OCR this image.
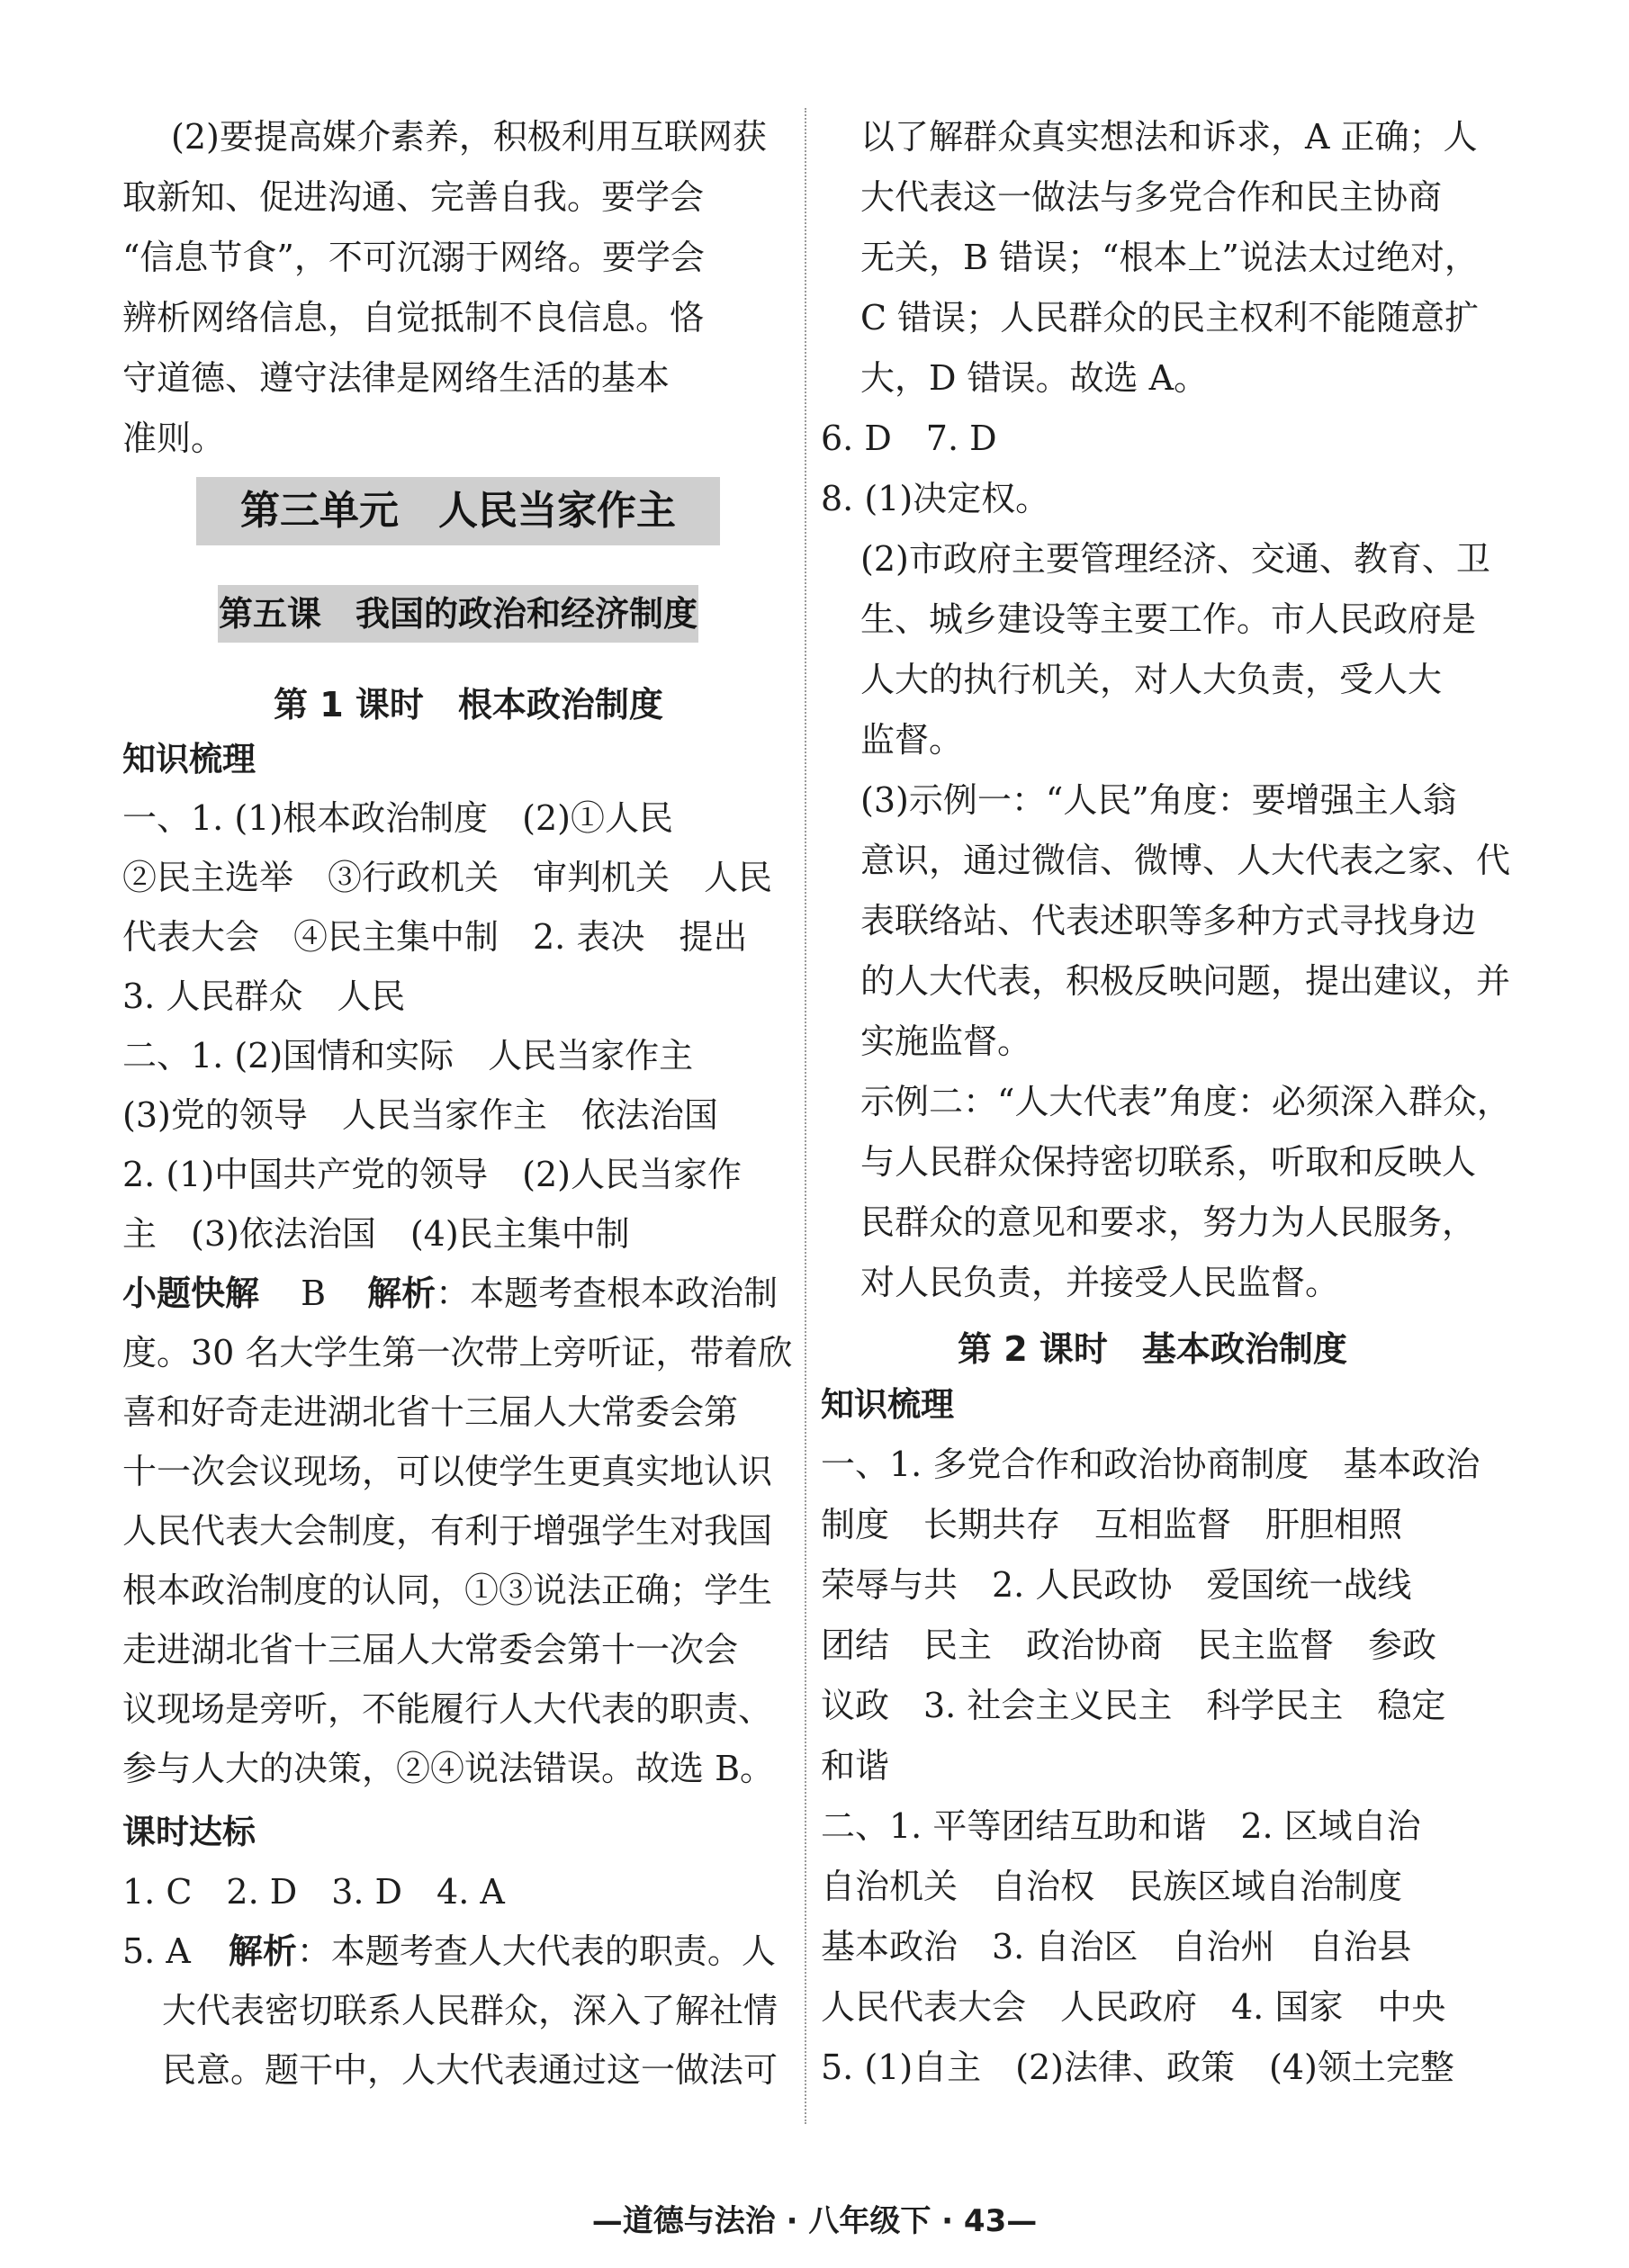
(2)要提高媒介素养，积极利用互联网获
取新知、促进沟通、完善自我。要学会
“信息节食”，不可沉溺于网络。要学会
辨析网络信息，自觉抵制不良信息。恪
守道德、遵守法律是网络生活的基本
准则。
第三单元　人民当家作主
第五课　我国的政治和经济制度
第 1 课时　根本政治制度
知识梳理
一、1. (1)根本政治制度　(2)①人民
②民主选举　③行政机关　审判机关　人民
代表大会　④民主集中制　2. 表决　提出
3. 人民群众　人民
二、1. (2)国情和实际　人民当家作主
(3)党的领导　人民当家作主　依法治国
2. (1)中国共产党的领导　(2)人民当家作
主　(3)依法治国　(4)民主集中制
小题快解 B 解析：本题考查根本政治制
度。30 名大学生第一次带上旁听证，带着欣
喜和好奇走进湖北省十三届人大常委会第
十一次会议现场，可以使学生更真实地认识
人民代表大会制度，有利于增强学生对我国
根本政治制度的认同，①③说法正确；学生
走进湖北省十三届人大常委会第十一次会
议现场是旁听，不能履行人大代表的职责、
参与人大的决策，②④说法错误。故选 B。
课时达标
1. C　2. D　3. D　4. A
5. A 解析：本题考查人大代表的职责。人
大代表密切联系人民群众，深入了解社情
民意。题干中，人大代表通过这一做法可
以了解群众真实想法和诉求，A 正确；人
大代表这一做法与多党合作和民主协商
无关，B 错误；“根本上”说法太过绝对，
C 错误；人民群众的民主权利不能随意扩
大，D 错误。故选 A。
6. D　7. D
8. (1)决定权。
(2)市政府主要管理经济、交通、教育、卫
生、城乡建设等主要工作。市人民政府是
人大的执行机关，对人大负责，受人大
监督。
(3)示例一：“人民”角度：要增强主人翁
意识，通过微信、微博、人大代表之家、代
表联络站、代表述职等多种方式寻找身边
的人大代表，积极反映问题，提出建议，并
实施监督。
示例二：“人大代表”角度：必须深入群众，
与人民群众保持密切联系，听取和反映人
民群众的意见和要求，努力为人民服务，
对人民负责，并接受人民监督。
第 2 课时　基本政治制度
知识梳理
一、1. 多党合作和政治协商制度　基本政治
制度　长期共存　互相监督　肝胆相照
荣辱与共　2. 人民政协　爱国统一战线
团结　民主　政治协商　民主监督　参政
议政　3. 社会主义民主　科学民主　稳定
和谐
二、1. 平等团结互助和谐　2. 区域自治
自治机关　自治权　民族区域自治制度
基本政治　3. 自治区　自治州　自治县
人民代表大会　人民政府　4. 国家　中央
5. (1)自主　(2)法律、政策　(4)领土完整
—道德与法治 · 八年级下 · 43—
